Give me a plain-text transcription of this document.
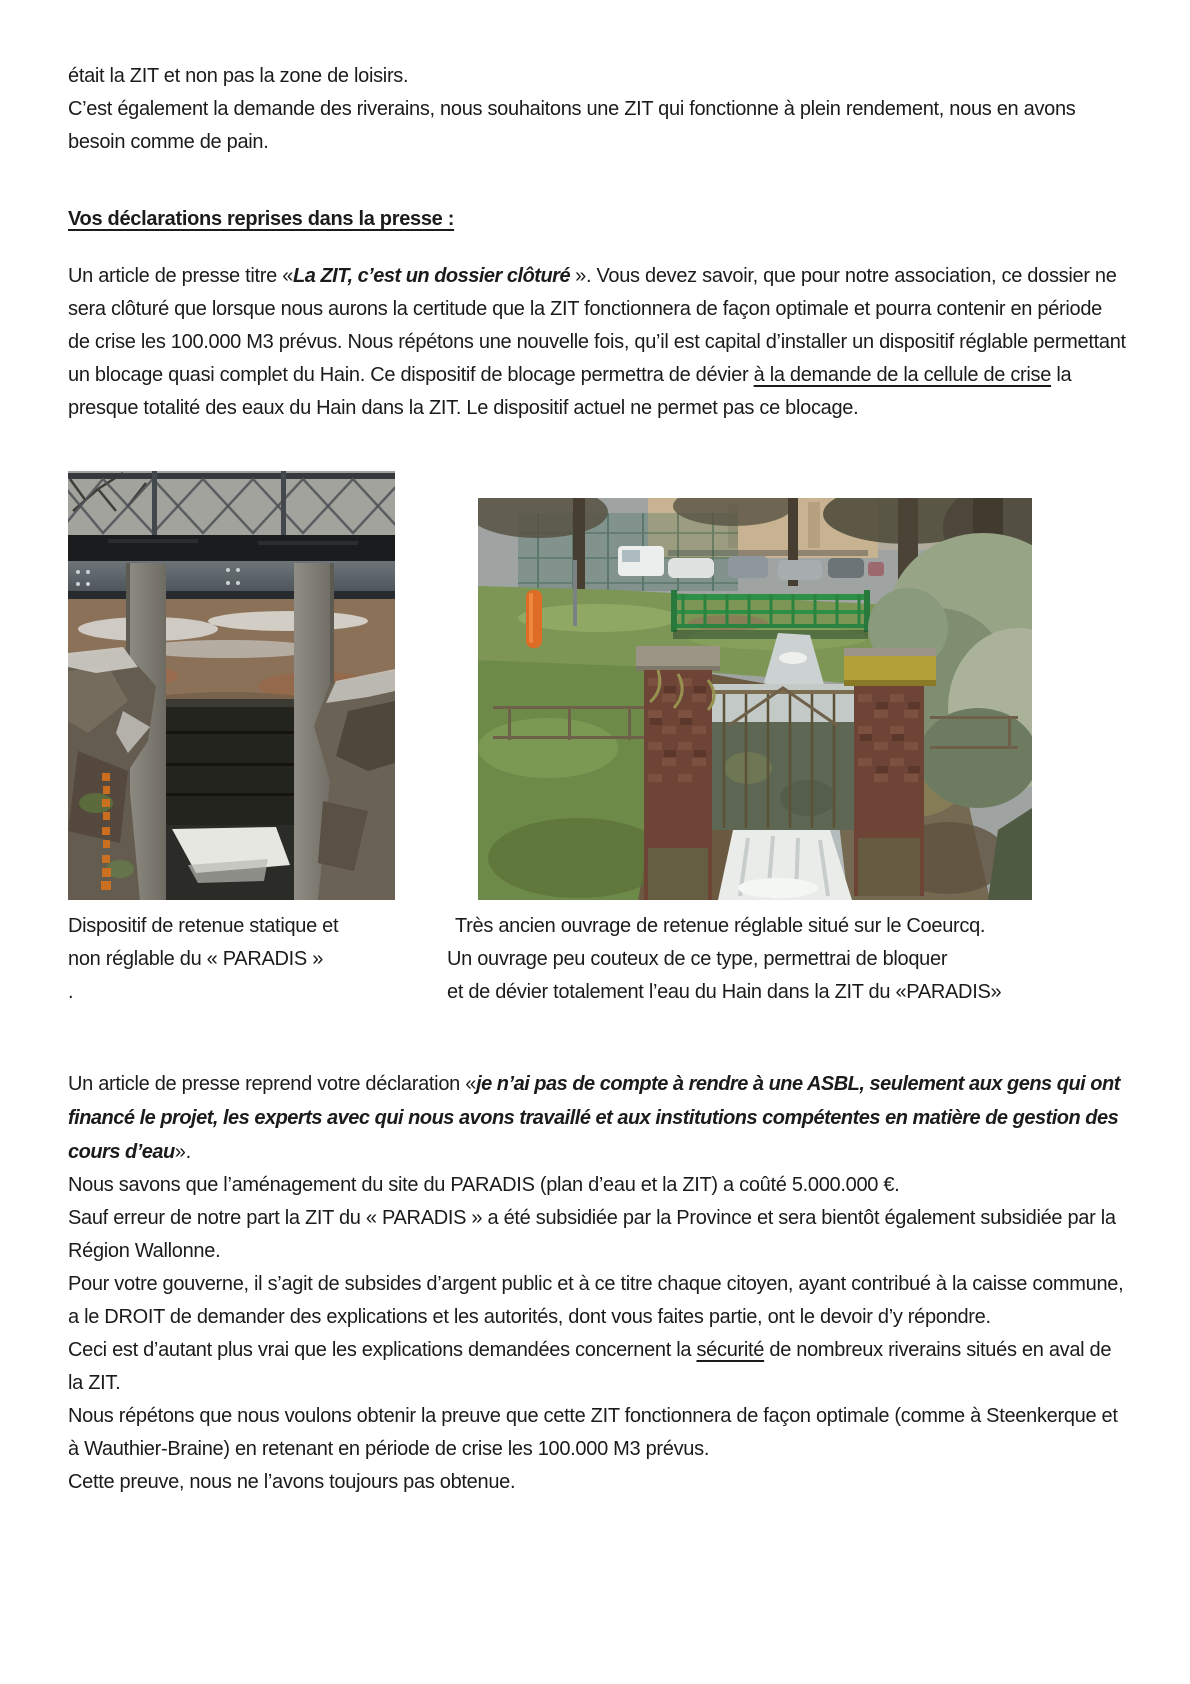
était la ZIT et non pas la zone de loisirs.

C’est également la demande des riverains, nous souhaitons une ZIT qui fonctionne à plein rendement, nous en avons besoin comme de pain.

Vos déclarations reprises dans la presse :

Un article de presse titre «La ZIT, c’est un dossier clôturé ». Vous devez savoir, que pour notre association, ce dossier ne sera clôturé que lorsque nous aurons la certitude que la ZIT fonctionnera de façon optimale et pourra contenir en période de crise les 100.000 M3 prévus. Nous répétons une nouvelle fois, qu’il est capital d’installer un dispositif réglable permettant un blocage quasi complet du Hain. Ce dispositif de blocage permettra de dévier à la demande de la cellule de crise la presque totalité des eaux du Hain dans la ZIT. Le dispositif actuel ne permet pas ce blocage.

Dispositif de retenue statique et
non réglable du « PARADIS »
.
Très ancien ouvrage de retenue réglable situé sur le Coeurcq.
Un ouvrage peu couteux de ce type, permettrai de bloquer
et de dévier totalement l’eau du Hain dans la ZIT du «PARADIS»

Un article de presse reprend votre déclaration «je n’ai pas de compte à rendre à une ASBL, seulement aux gens qui ont financé le projet, les experts avec qui nous avons travaillé et aux institutions compétentes en matière de gestion des cours d’eau».

Nous savons que l’aménagement du site du PARADIS (plan d’eau et la ZIT) a coûté 5.000.000 €.

Sauf erreur de notre part la ZIT du « PARADIS » a été subsidiée par la Province et sera bientôt également subsidiée par la Région Wallonne.

Pour votre gouverne, il s’agit de subsides d’argent public et à ce titre chaque citoyen, ayant contribué à la caisse commune, a le DROIT de demander des explications et les autorités, dont vous faites partie, ont le devoir d’y répondre.

Ceci est d’autant plus vrai que les explications demandées concernent la sécurité de nombreux riverains situés en aval de la ZIT.

Nous répétons que nous voulons obtenir la preuve que cette ZIT fonctionnera de façon optimale (comme à Steenkerque et à Wauthier-Braine) en retenant en période de crise les 100.000 M3 prévus.

Cette preuve, nous ne l’avons toujours pas obtenue.
